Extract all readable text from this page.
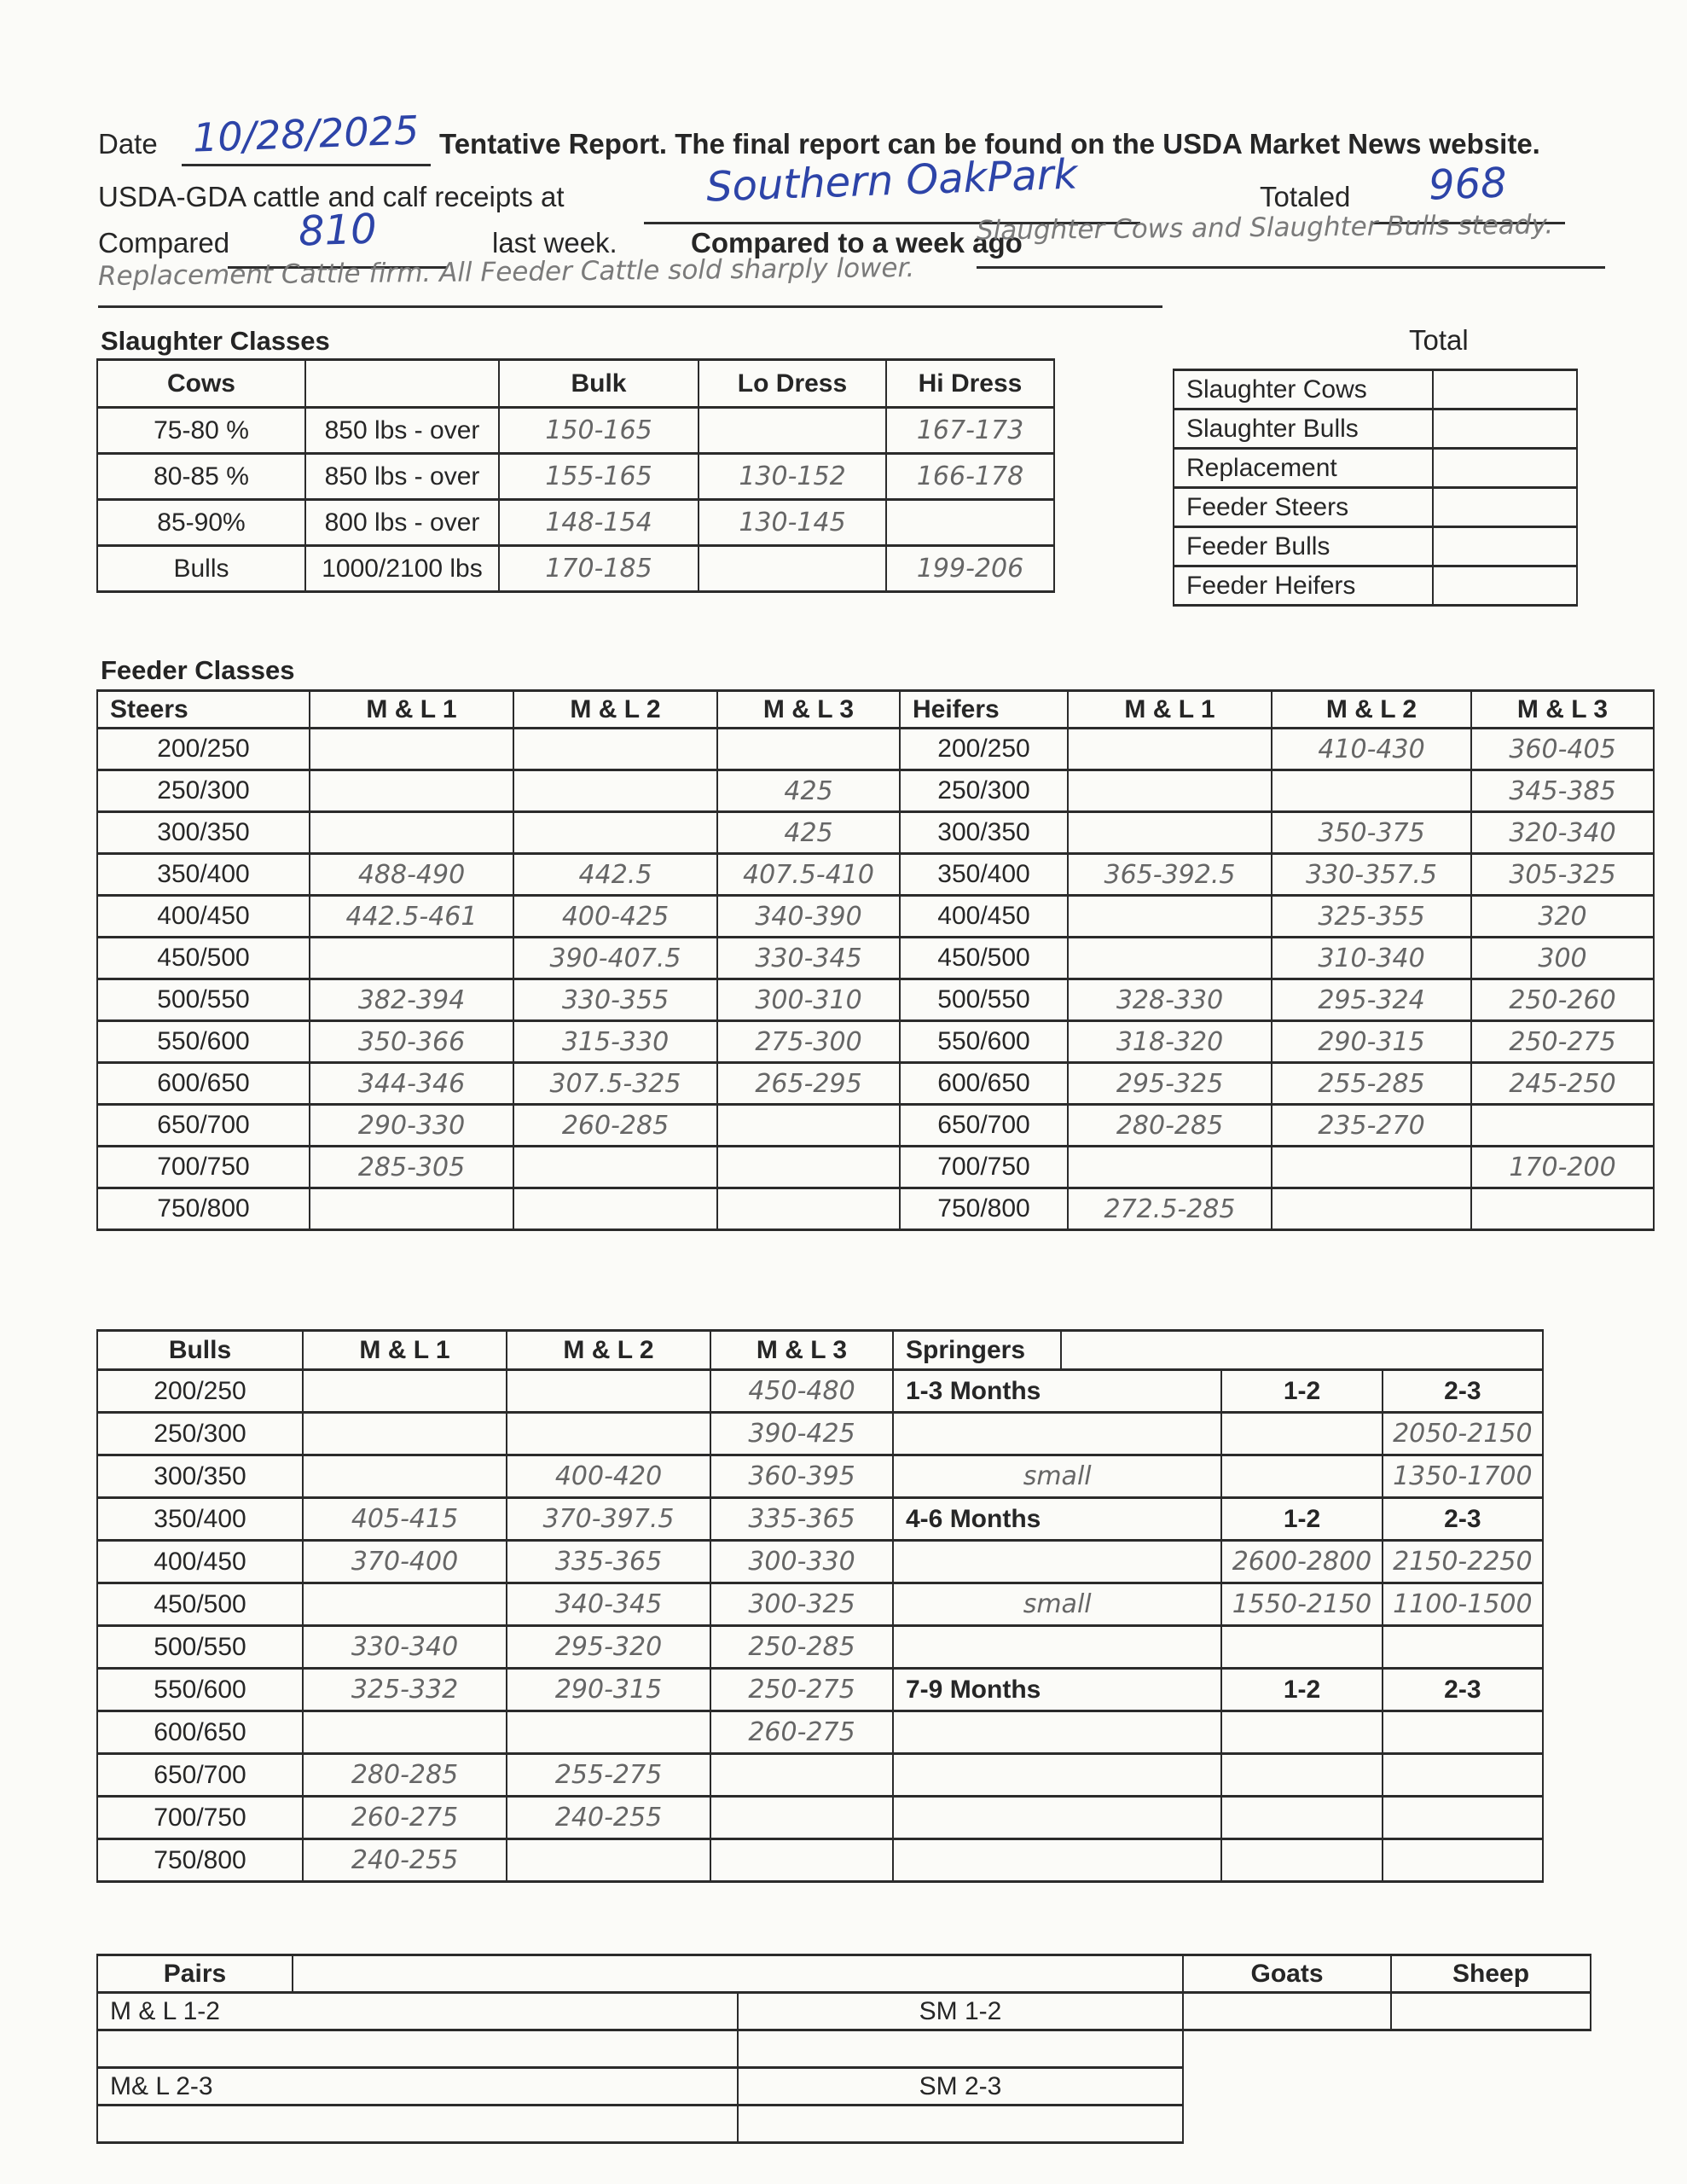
Date 10/28/2025 Tentative Report. The final report can be found on the USDA Market News website.
USDA-GDA cattle and calf receipts at	Southern OakPark	Totaled	968
Compared	810	last week.	Compared to a week ago
Slaughter Cows and Slaughter Bulls steady.
Replacement Cattle firm. All Feeder Cattle sold sharply lower.
Slaughter Classes	Total
Feeder Classes
Cows		Bulk	Lo Dress	Hi Dress
75-80 %	850 lbs - over	150-165		167-173
80-85 %	850 lbs - over	155-165	130-152	166-178
85-90%	800 lbs - over	148-154	130-145	
Bulls	1000/2100 lbs	170-185		199-206
Slaughter Cows	
Slaughter Bulls	
Replacement	
Feeder Steers	
Feeder Bulls	
Feeder Heifers	
Steers	M & L 1	M & L 2	M & L 3	Heifers	M & L 1	M & L 2	M & L 3
200/250				200/250		410-430	360-405
250/300			425	250/300			345-385
300/350			425	300/350		350-375	320-340
350/400	488-490	442.5	407.5-410	350/400	365-392.5	330-357.5	305-325
400/450	442.5-461	400-425	340-390	400/450		325-355	320
450/500		390-407.5	330-345	450/500		310-340	300
500/550	382-394	330-355	300-310	500/550	328-330	295-324	250-260
550/600	350-366	315-330	275-300	550/600	318-320	290-315	250-275
600/650	344-346	307.5-325	265-295	600/650	295-325	255-285	245-250
650/700	290-330	260-285		650/700	280-285	235-270	
700/750	285-305			700/750			170-200
750/800				750/800	272.5-285		
Bulls	M & L 1	M & L 2	M & L 3	Springers			
200/250			450-480	1-3 Months		1-2	2-3
250/300			390-425				2050-2150
300/350		400-420	360-395	small			1350-1700
350/400	405-415	370-397.5	335-365	4-6 Months		1-2	2-3
400/450	370-400	335-365	300-330			2600-2800	2150-2250
450/500		340-345	300-325	small		1550-2150	1100-1500
500/550	330-340	295-320	250-285				
550/600	325-332	290-315	250-275	7-9 Months		1-2	2-3
600/650			260-275				
650/700	280-285	255-275					
700/750	260-275	240-255					
750/800	240-255						
Pairs			Goats	Sheep
M & L 1-2		SM 1-2		

M& L 2-3		SM 2-3		
